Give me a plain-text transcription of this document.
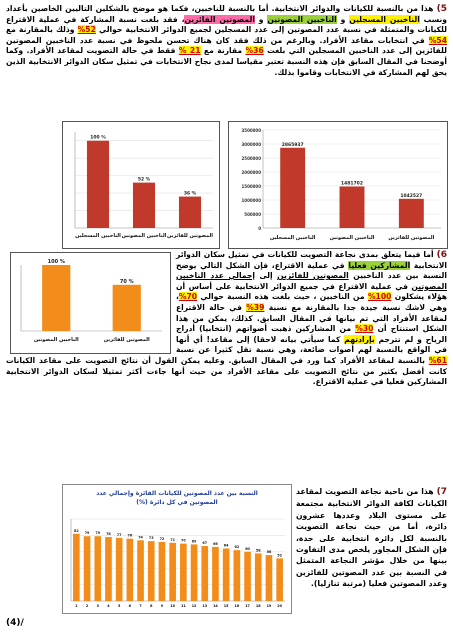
5) هذا من بالنسبة للكيانات والدوائر الانتخابية. أما بالنسبة للناخبين، فكما هو موضح بالشكلين التاليين الخاصين بأعداد ونسب الناخبين المسجلين و الناخبين المصوتين و المصوتين الفائزين، فقد بلغت نسبة المشاركة في عملية الاقتراع للكيانات والمتمثلة في نسبة عدد المصوتين إلى عدد المسجلين لجميع الدوائر الانتخابية حوالي 52% وذلك بالمقارنة مع 54% في انتخابات مقاعد الأفراد. وبالرغم من ذلك فقد كان هناك تحسن ملحوظ في نسبة عدد الناخبين المصوتين للفائزين إلى عدد الناخبين المسجلين التي بلغت 36% مقارنة مع 21 % فقط في حالة التصويت لمقاعد الأفراد. وكما أوضحنا في المقال السابق فإن هذه النسبة تعتبر مقياسا لمدى نجاح الانتخابات في تمثيل سكان الدوائر الانتخابية الذين يحق لهم المشاركة في الانتخابات وقاموا بذلك.
100 %
الناخبين المسجلين
52 %
الناخبين المصوتين
36 %
المصوتين للفائزين
0
500000
1000000
1500000
2000000
2500000
3000000
3500000
2865937
الناخبين المسجلين
1481702
الناخبين المصوتين
1042527
المصوتين للفائزين
100 %
الناخبين المصوتين
70 %
المصوتين للفائزين
6) أما فيما يتعلق بمدى نجاعة التصويت للكيانات في تمثيل سكان الدوائر الانتخابية المشاركين فعليا في عملية الاقتراع، فإن الشكل التالي يوضح النسبة بين عدد الناخبين المصوتين للفائزين إلى إجمالي عدد الناخبين المصوتين في عملية الاقتراع في جميع الدوائر الانتخابية على أساس أن هؤلاء يشكلون 100% من الناخبين ، حيث بلغت هذه النسبة حوالي 70%، وهي لاشك نسبة جيدة جدا بالمقارنة مع نسبة 39% في حالة الاقتراع لمقاعد الأفراد التي تم بيانها في المقال السابق. كذلك، يمكن من هذا الشكل استنتاج أن 30% من المشاركين ذهبت أصواتهم (انتخابيا) أدراج الرياح و لم تترجم بإرادتهم كما سيأتي بيانه لاحقا) إلى مقاعد! أي أنها في الواقع بالنسبة لهم أصوات ضائعة، وهي نسبة تقل كثيرا عن نسبة 61% بالنسبة لمقاعد الأفراد كما ورد في المقال السابق. وعليه يمكن القول أن نتائج التصويت على مقاعد الكيانات كانت أفضل بكثير من نتائج التصويت على مقاعد الأفراد من حيث أنها جاءت أكثر تمثيلا لسكان الدوائر الانتخابية المشاركين فعليا في عملية الاقتراع.
النسبة بين عدد المصوتين للكيانات الفائزة وإجمالي عدد
المصوتين في كل دائرة (%)
82
1
79
2
79
3
78
4
77
5
76
6
74
7
73
8
72
9
71
10
70
11
69
12
67
13
66
14
64
15
62
16
60
17
58
18
56
19
52
20
7) هذا من ناحية نجاعة التصويت لمقاعد الكيانات لكافة الدوائر الانتخابية مجتمعة على مستوى البلاد وعددها عشرون دائرة، أما من حيث نجاعة التصويت بالنسبة لكل دائرة انتخابية على حدة، فإن الشكل المجاور يلخص مدى التفاوت بينها من خلال مؤشر النجاعة المتمثل في النسبة بين عدد المصوتين للفائزين وعدد المصوتين فعليا (مرتبة تنازليا).
(4)/
